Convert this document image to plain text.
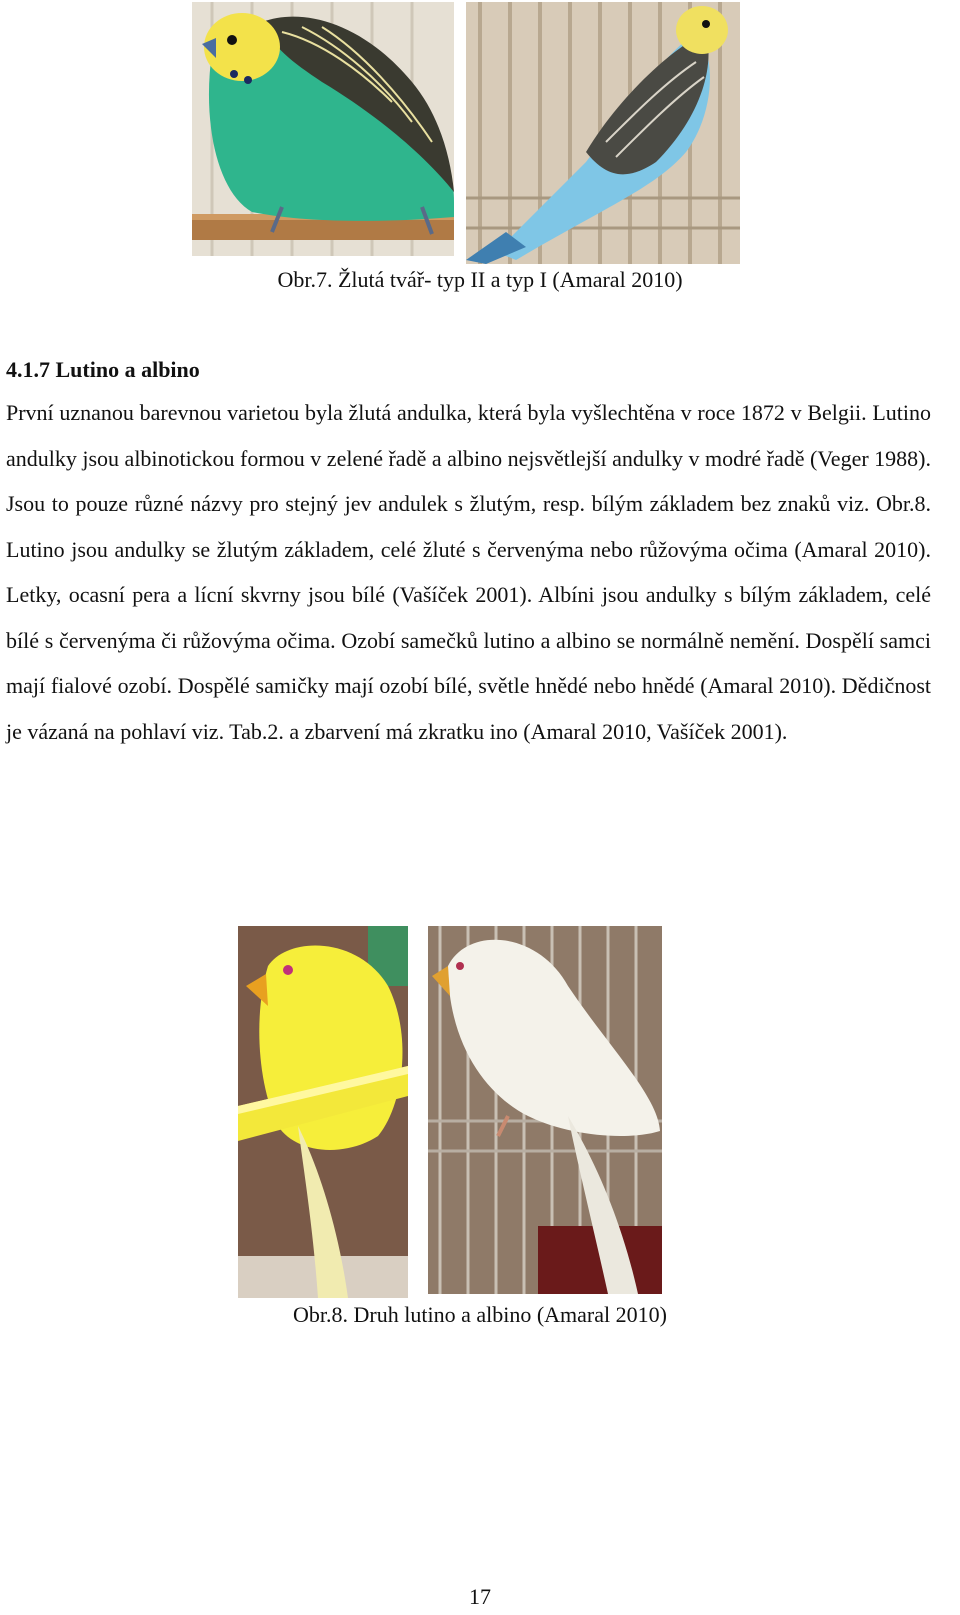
Obr.7. Žlutá tvář- typ II a typ I (Amaral 2010)
4.1.7 Lutino a albino

První uznanou barevnou varietou byla žlutá andulka, která byla vyšlechtěna v roce 1872 v Belgii. Lutino andulky jsou albinotickou formou v zelené řadě a albino nejsvětlejší andulky v modré řadě (Veger 1988). Jsou to pouze různé názvy pro stejný jev andulek s žlutým, resp. bílým základem bez znaků viz. Obr.8. Lutino jsou andulky se žlutým základem, celé žluté s červenýma nebo růžovýma očima (Amaral 2010). Letky, ocasní pera a lícní skvrny jsou bílé (Vašíček 2001). Albíni jsou andulky s bílým základem, celé bílé s červenýma či růžovýma očima. Ozobí samečků lutino a albino se normálně nemění. Dospělí samci mají fialové ozobí. Dospělé samičky mají ozobí bílé, světle hnědé nebo hnědé (Amaral 2010). Dědičnost je vázaná na pohlaví viz. Tab.2. a zbarvení má zkratku ino (Amaral 2010, Vašíček 2001).

Obr.8. Druh lutino a albino (Amaral 2010)
17
